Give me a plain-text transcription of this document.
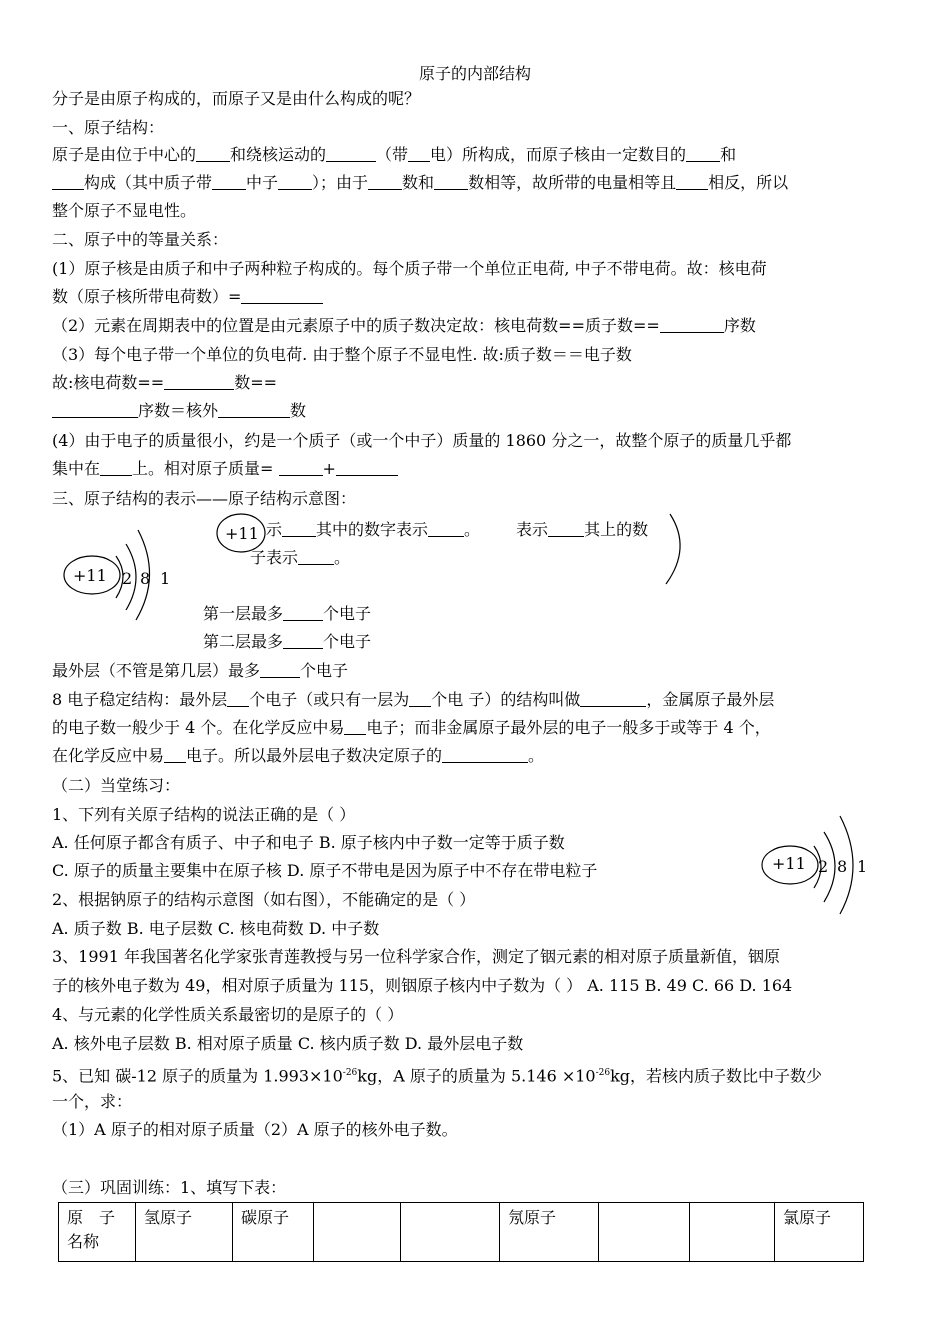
原子的内部结构
分子是由原子构成的，而原子又是由什么构成的呢？
一、原子结构：
原子是由位于中心的 和绕核运动的	（带 电）所构成，而原子核由一定数目的 和
构成（其中质子带 中子 ）；由于 数和 数相等，故所带的电量相等且 相反，所以
整个原子不显电性。
二、原子中的等量关系：
(1）原子核是由质子和中子两种粒子构成的。每个质子带一个单位正电荷, 中子不带电荷。故：核电荷
数（原子核所带电荷数）=
（2）元素在周期表中的位置是由元素原子中的质子数决定故：核电荷数==质子数==	序数
（3）每个电子带一个单位的负电荷. 由于整个原子不显电性. 故:质子数＝＝电子数
故:核电荷数==	数==
序数＝核外	数
(4）由于电子的质量很小，约是一个质子（或一个中子）质量的 1860 分之一，故整个原子的质量几乎都
集中在 上。相对原子质量=	+
三、原子结构的表示——原子结构示意图：
+11 2 8 1
+11 示 其中的数字表示 。 表示 其上的数
子表示 。
第一层最多	个电子
第二层最多	个电子
最外层（不管是第几层）最多	个电子
8 电子稳定结构：最外层 个电子（或只有一层为 个电 子）的结构叫做	，金属原子最外层
的电子数一般少于 4 个。在化学反应中易 电子；而非金属原子最外层的电子一般多于或等于 4 个，
在化学反应中易 电子。所以最外层电子数决定原子的	。
（二）当堂练习：
1、下列有关原子结构的说法正确的是（ ）
A. 任何原子都含有质子、中子和电子 B. 原子核内中子数一定等于质子数
C. 原子的质量主要集中在原子核 D. 原子不带电是因为原子中不存在带电粒子	+11 2 8 1
2、根据钠原子的结构示意图（如右图），不能确定的是（ ）
A. 质子数 B. 电子层数 C. 核电荷数 D. 中子数
3、1991 年我国著名化学家张青莲教授与另一位科学家合作，测定了铟元素的相对原子质量新值，铟原
子的核外电子数为 49，相对原子质量为 115，则铟原子核内中子数为（ ） A. 115 B. 49 C. 66 D. 164
4、与元素的化学性质关系最密切的是原子的（ ）
A. 核外电子层数 B. 相对原子质量 C. 核内质子数 D. 最外层电子数
5、已知 碳-12 原子的质量为 $1.993\times 10^{-26}kg$，A 原子的质量为 $5.146 \times 10^{-26}kg$，若核内质子数比中子数少
一个，求：
（1）A 原子的相对原子质量（2）A 原子的核外电子数。
（三）巩固训练：1、填写下表：
原　子名称
	氢原子	碳原子			氖原子			氯原子
